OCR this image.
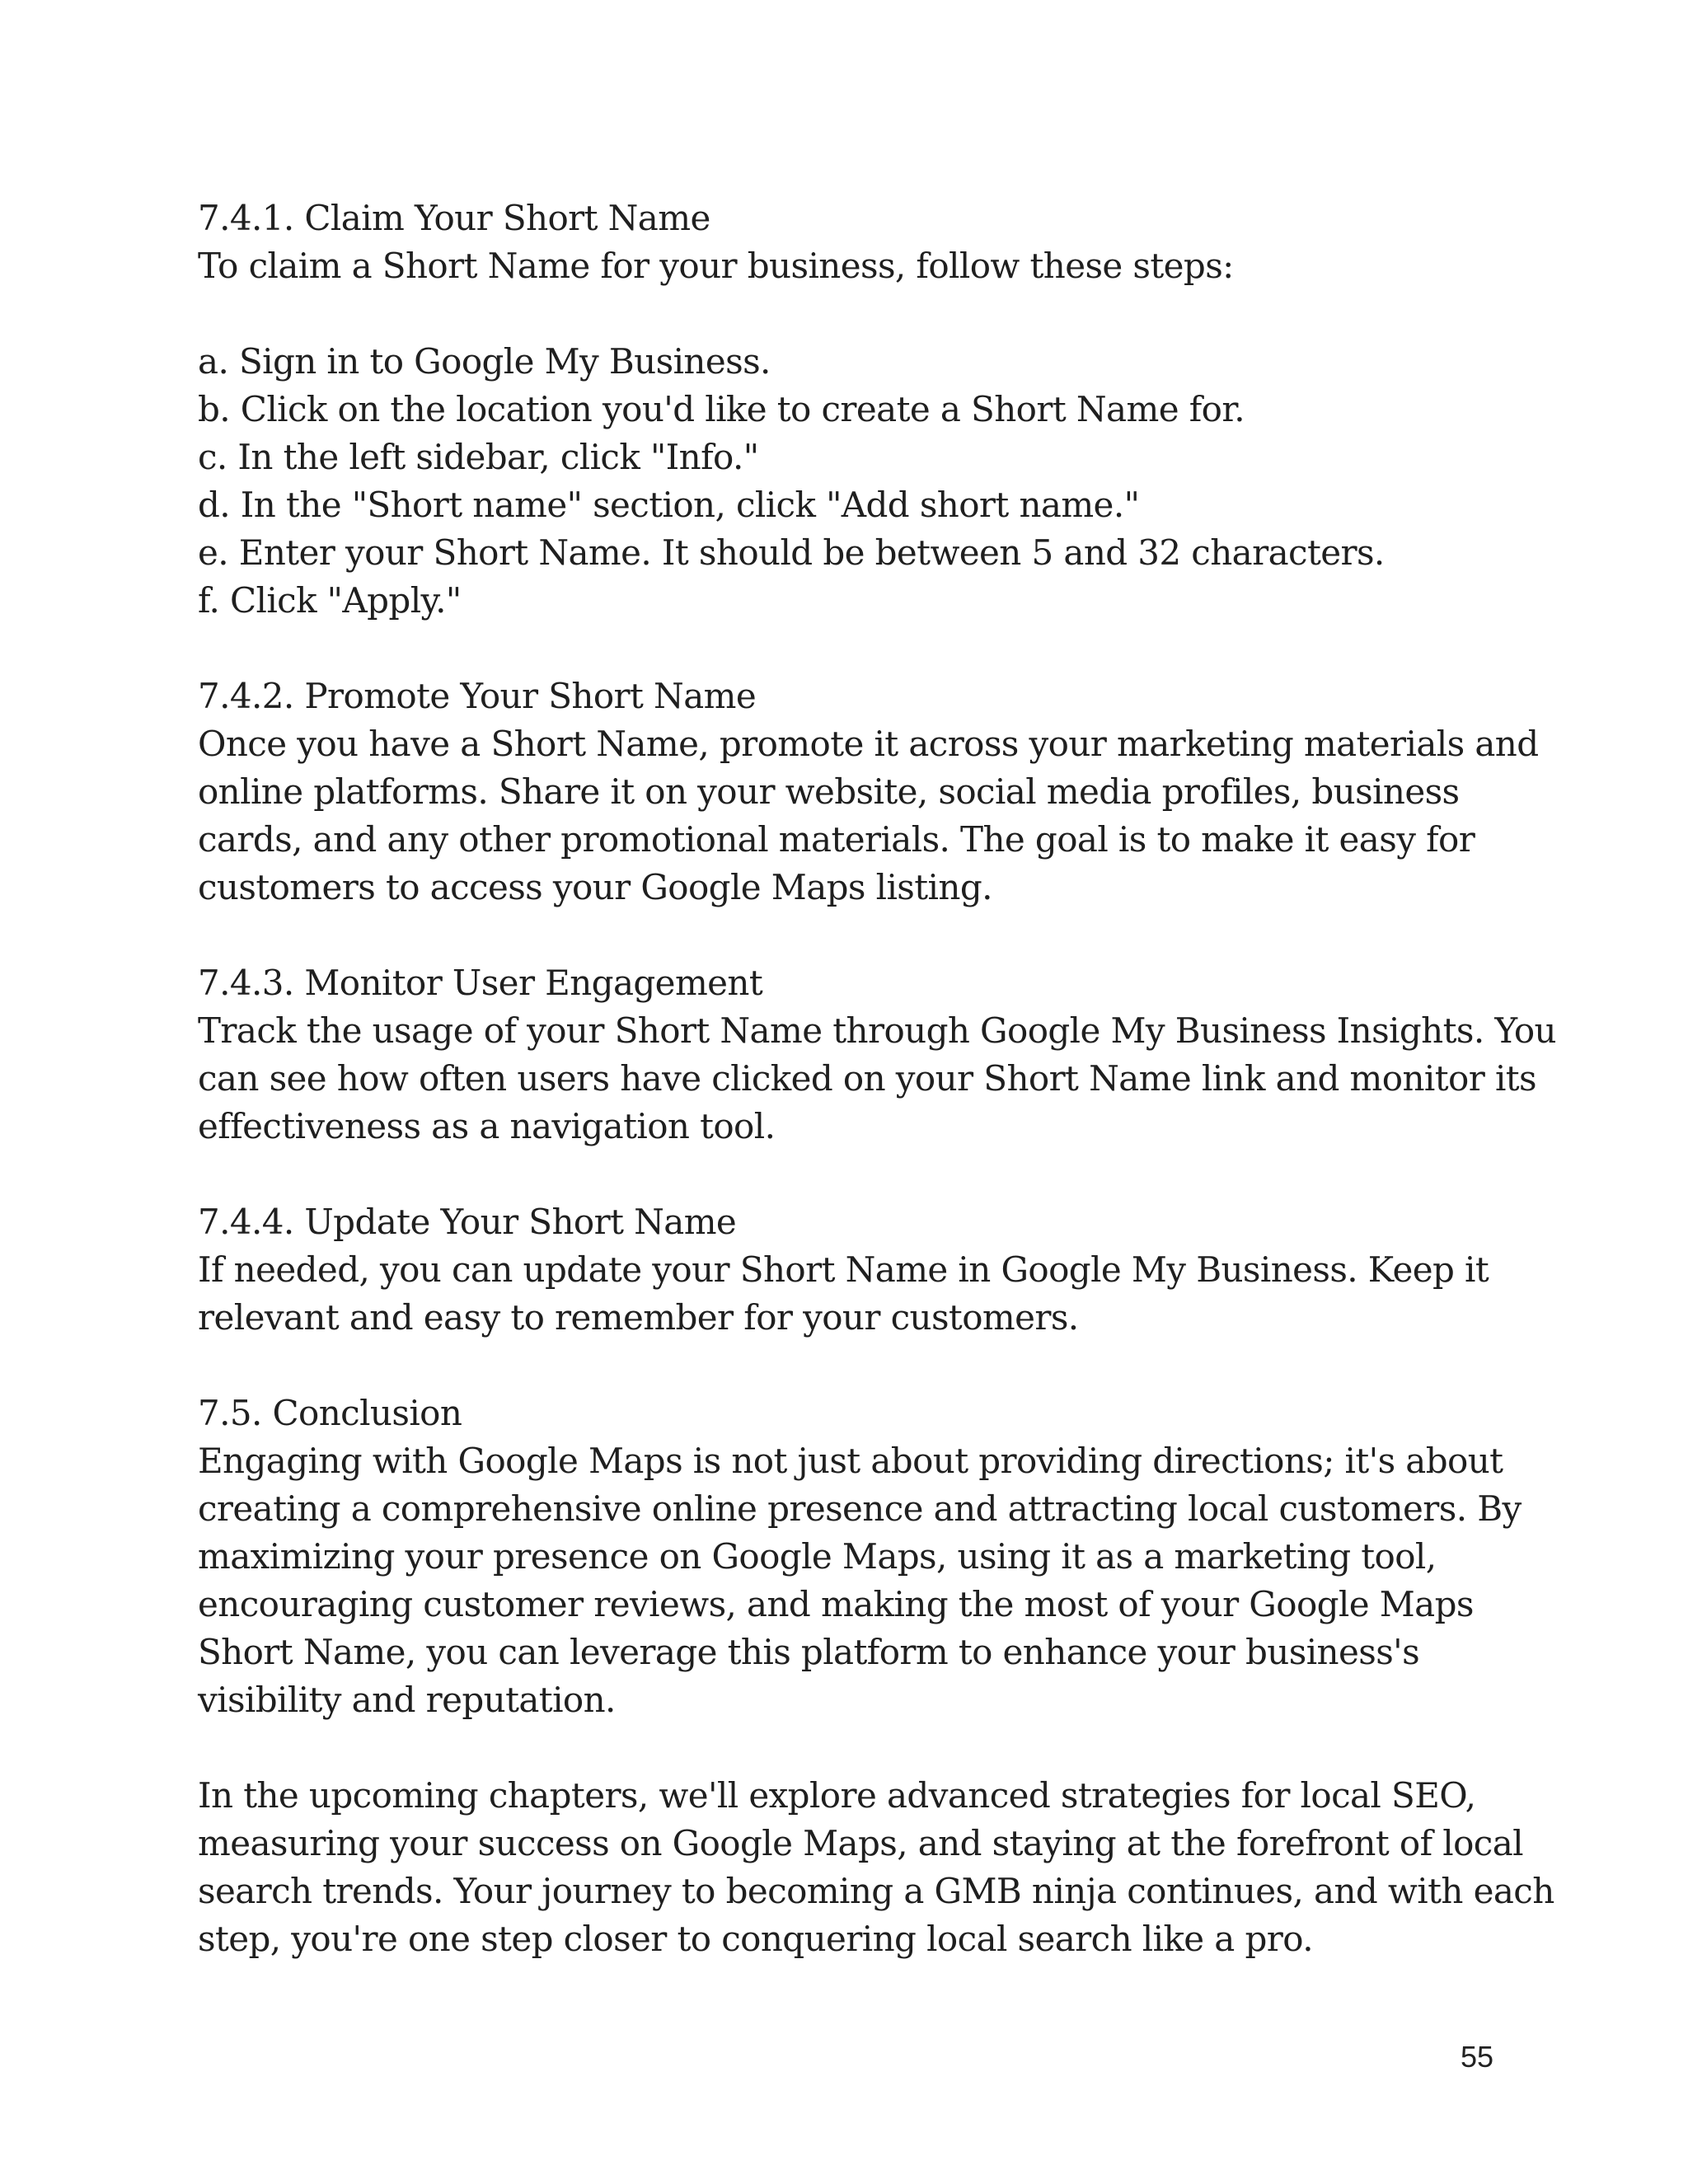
7.4.1. Claim Your Short Name
To claim a Short Name for your business, follow these steps:
a. Sign in to Google My Business.
b. Click on the location you'd like to create a Short Name for.
c. In the left sidebar, click "Info."
d. In the "Short name" section, click "Add short name."
e. Enter your Short Name. It should be between 5 and 32 characters.
f. Click "Apply."
7.4.2. Promote Your Short Name
Once you have a Short Name, promote it across your marketing materials and
online platforms. Share it on your website, social media profiles, business
cards, and any other promotional materials. The goal is to make it easy for
customers to access your Google Maps listing.
7.4.3. Monitor User Engagement
Track the usage of your Short Name through Google My Business Insights. You
can see how often users have clicked on your Short Name link and monitor its
effectiveness as a navigation tool.
7.4.4. Update Your Short Name
If needed, you can update your Short Name in Google My Business. Keep it
relevant and easy to remember for your customers.
7.5. Conclusion
Engaging with Google Maps is not just about providing directions; it's about
creating a comprehensive online presence and attracting local customers. By
maximizing your presence on Google Maps, using it as a marketing tool,
encouraging customer reviews, and making the most of your Google Maps
Short Name, you can leverage this platform to enhance your business's
visibility and reputation.
In the upcoming chapters, we'll explore advanced strategies for local SEO,
measuring your success on Google Maps, and staying at the forefront of local
search trends. Your journey to becoming a GMB ninja continues, and with each
step, you're one step closer to conquering local search like a pro.
55
